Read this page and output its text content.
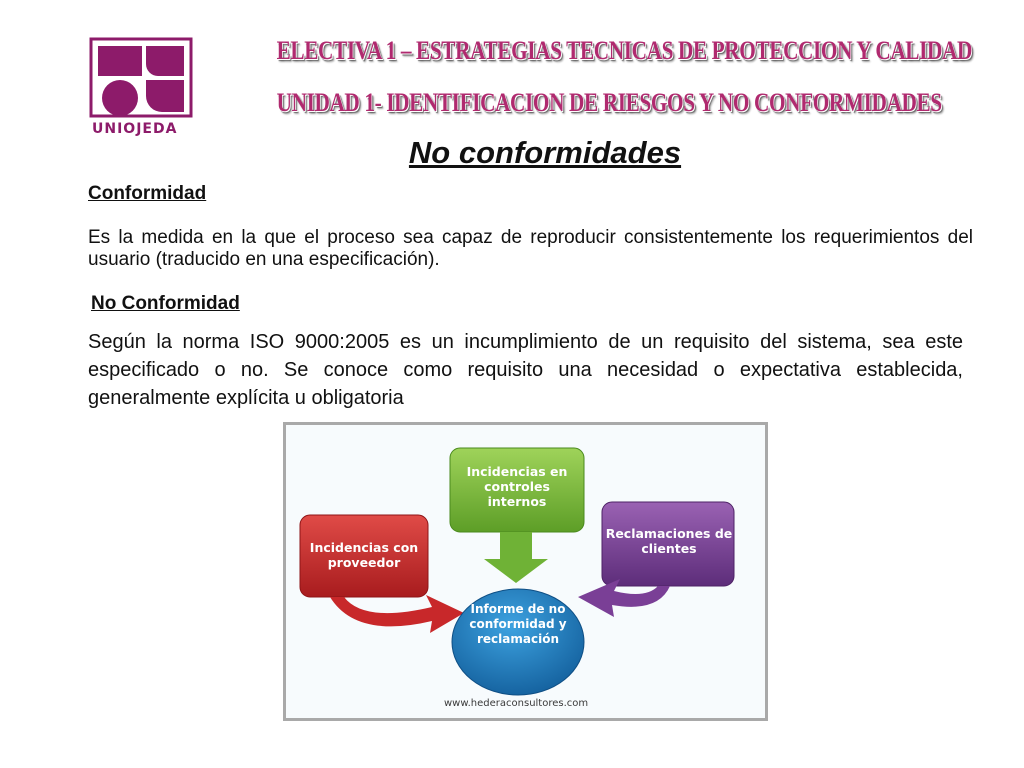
UNIOJEDA
ELECTIVA 1 – ESTRATEGIAS TECNICAS DE PROTECCION Y CALIDAD
UNIDAD 1- IDENTIFICACION DE RIESGOS Y NO CONFORMIDADES
No conformidades
Conformidad
Es la medida en la que el proceso sea capaz de reproducir consistentemente los requerimientos del usuario (traducido en una especificación).
No Conformidad
Según la norma ISO 9000:2005 es un incumplimiento de un requisito del sistema, sea este especificado o no. Se conoce como requisito una necesidad o expectativa establecida, generalmente explícita u obligatoria
Incidencias en controles internos
Incidencias con proveedor
Reclamaciones de clientes
Informe de no conformidad y reclamación
www.hederaconsultores.com
